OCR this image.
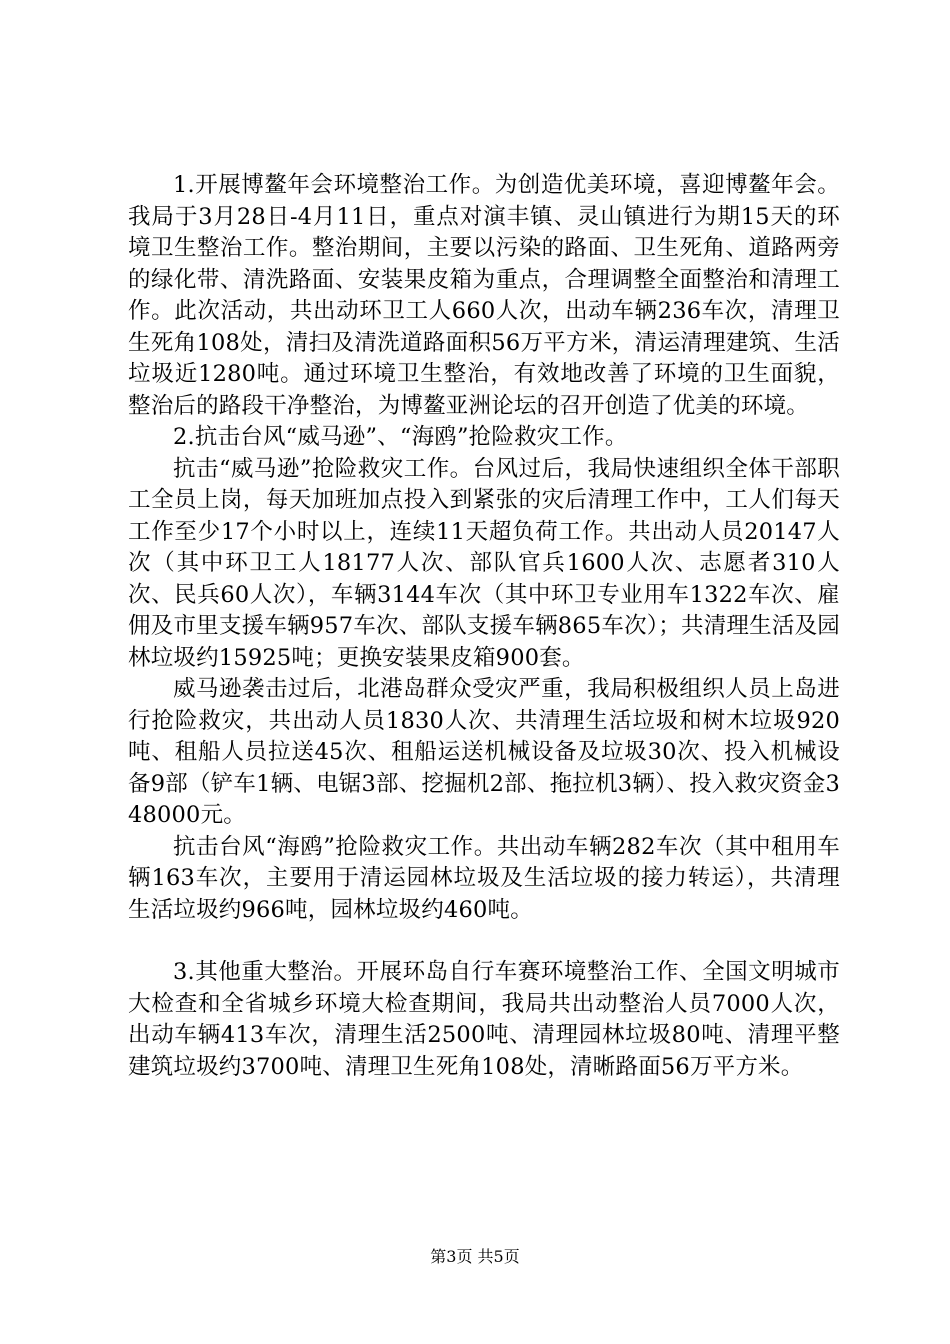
1.开展博鳌年会环境整治工作。为创造优美环境，喜迎博鳌年会。我局于3月28日-4月11日，重点对演丰镇、灵山镇进行为期15天的环境卫生整治工作。整治期间，主要以污染的路面、卫生死角、道路两旁的绿化带、清洗路面、安装果皮箱为重点，合理调整全面整治和清理工作。此次活动，共出动环卫工人660人次，出动车辆236车次，清理卫生死角108处，清扫及清洗道路面积56万平方米，清运清理建筑、生活垃圾近1280吨。通过环境卫生整治，有效地改善了环境的卫生面貌，整治后的路段干净整治，为博鳌亚洲论坛的召开创造了优美的环境。

2.抗击台风“威马逊”、“海鸥”抢险救灾工作。

抗击“威马逊”抢险救灾工作。台风过后，我局快速组织全体干部职工全员上岗，每天加班加点投入到紧张的灾后清理工作中，工人们每天工作至少17个小时以上，连续11天超负荷工作。共出动人员20147人次（其中环卫工人18177人次、部队官兵1600人次、志愿者310人次、民兵60人次），车辆3144车次（其中环卫专业用车1322车次、雇佣及市里支援车辆957车次、部队支援车辆865车次）；共清理生活及园林垃圾约15925吨；更换安装果皮箱900套。

威马逊袭击过后，北港岛群众受灾严重，我局积极组织人员上岛进行抢险救灾，共出动人员1830人次、共清理生活垃圾和树木垃圾920吨、租船人员拉送45次、租船运送机械设备及垃圾30次、投入机械设备9部（铲车1辆、电锯3部、挖掘机2部、拖拉机3辆）、投入救灾资金348000元。

抗击台风“海鸥”抢险救灾工作。共出动车辆282车次（其中租用车辆163车次，主要用于清运园林垃圾及生活垃圾的接力转运），共清理生活垃圾约966吨，园林垃圾约460吨。

3.其他重大整治。开展环岛自行车赛环境整治工作、全国文明城市大检查和全省城乡环境大检查期间，我局共出动整治人员7000人次，出动车辆413车次，清理生活2500吨、清理园林垃圾80吨、清理平整建筑垃圾约3700吨、清理卫生死角108处，清晰路面56万平方米。

第3页 共5页
